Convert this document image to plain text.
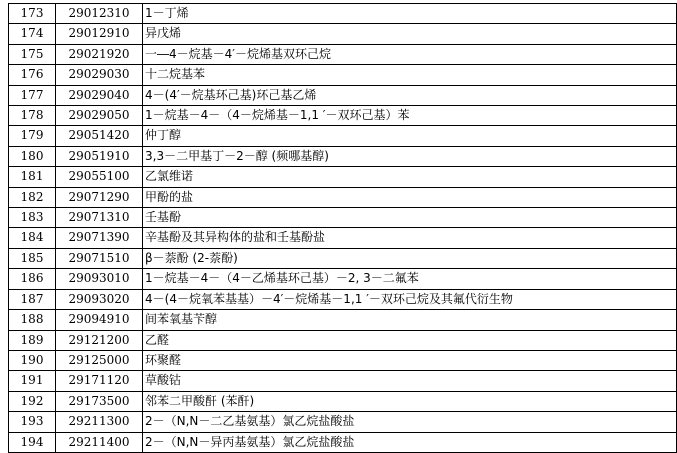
173	29012310	1－丁烯
174	29012910	异戊烯
175	29021920	一―4－烷基－4′－烷烯基双环己烷
176	29029030	十二烷基苯
177	29029040	4－(4′－烷基环己基)环己基乙烯
178	29029050	1－烷基－4－（4－烷烯基－1,1 ′－双环己基）苯
179	29051420	仲丁醇
180	29051910	3,3－二甲基丁－2－醇 (频哪基醇)
181	29055100	乙氯维诺
182	29071290	甲酚的盐
183	29071310	壬基酚
184	29071390	辛基酚及其异构体的盐和壬基酚盐
185	29071510	β－萘酚 (2-萘酚)
186	29093010	1－烷基－4－（4－乙烯基环己基）－2, 3－二氟苯
187	29093020	4－(4－烷氧苯基基）－4′－烷烯基－1,1 ′－双环己烷及其氟代衍生物
188	29094910	间苯氧基苄醇
189	29121200	乙醛
190	29125000	环聚醛
191	29171120	草酸钴
192	29173500	邻苯二甲酸酐 (苯酐)
193	29211300	2－（N,N－二乙基氨基）氯乙烷盐酸盐
194	29211400	2－（N,N－异丙基氨基）氯乙烷盐酸盐
